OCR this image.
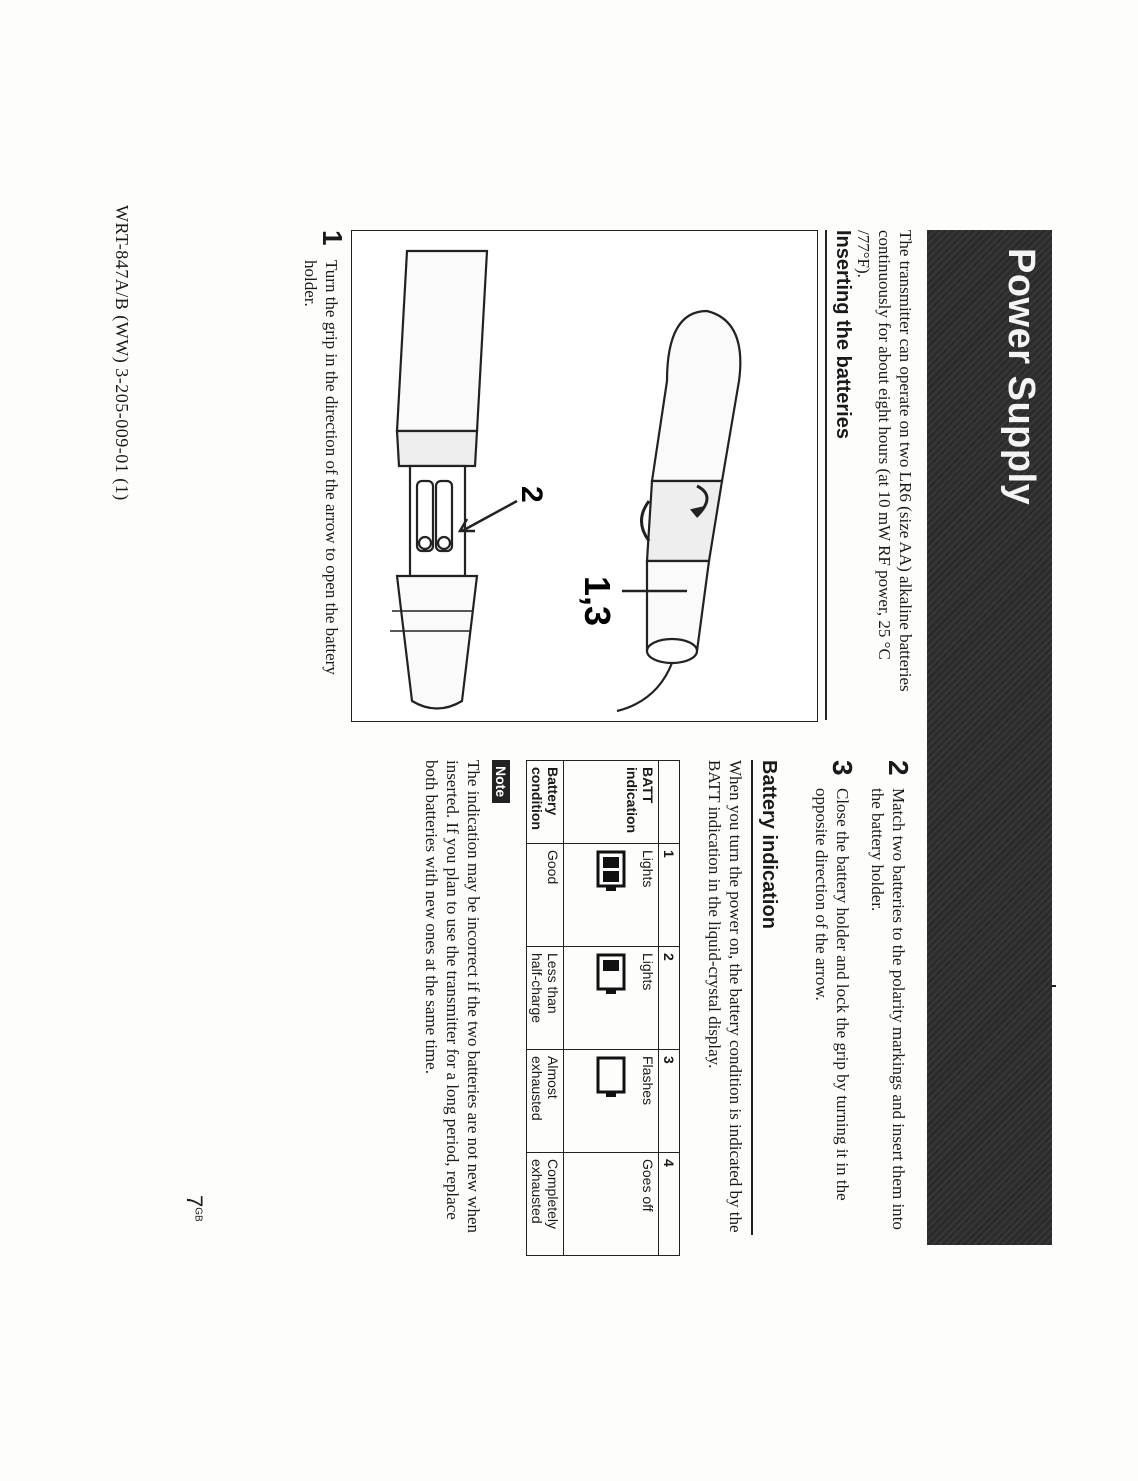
Power Supply
The transmitter can operate on two LR6 (size AA) alkaline batteries continuously for about eight hours (at 10 mW RF power, 25 °C /77°F).
Inserting the batteries
1,3
2
1
Turn the grip in the direction of the arrow to open the battery holder.
2
Match two batteries to the polarity markings and insert them into the battery holder.
3
Close the battery holder and lock the grip by turning it in the opposite direction of the arrow.
Battery indication
When you turn the power on, the battery condition is indicated by the BATT indication in the liquid-crystal display.
	1	2	3	4
BATT indication	Lights	Lights	Flashes	Goes off

Battery condition	Good	Less than half-charge	Almost exhausted	Completely exhausted
Note
The indication may be incorrect if the two batteries are not new when inserted. If you plan to use the transmitter for a long period, replace both batteries with new ones at the same time.
WRT-847A/B (WW) 3-205-009-01 (1)
$7^{GB}$
